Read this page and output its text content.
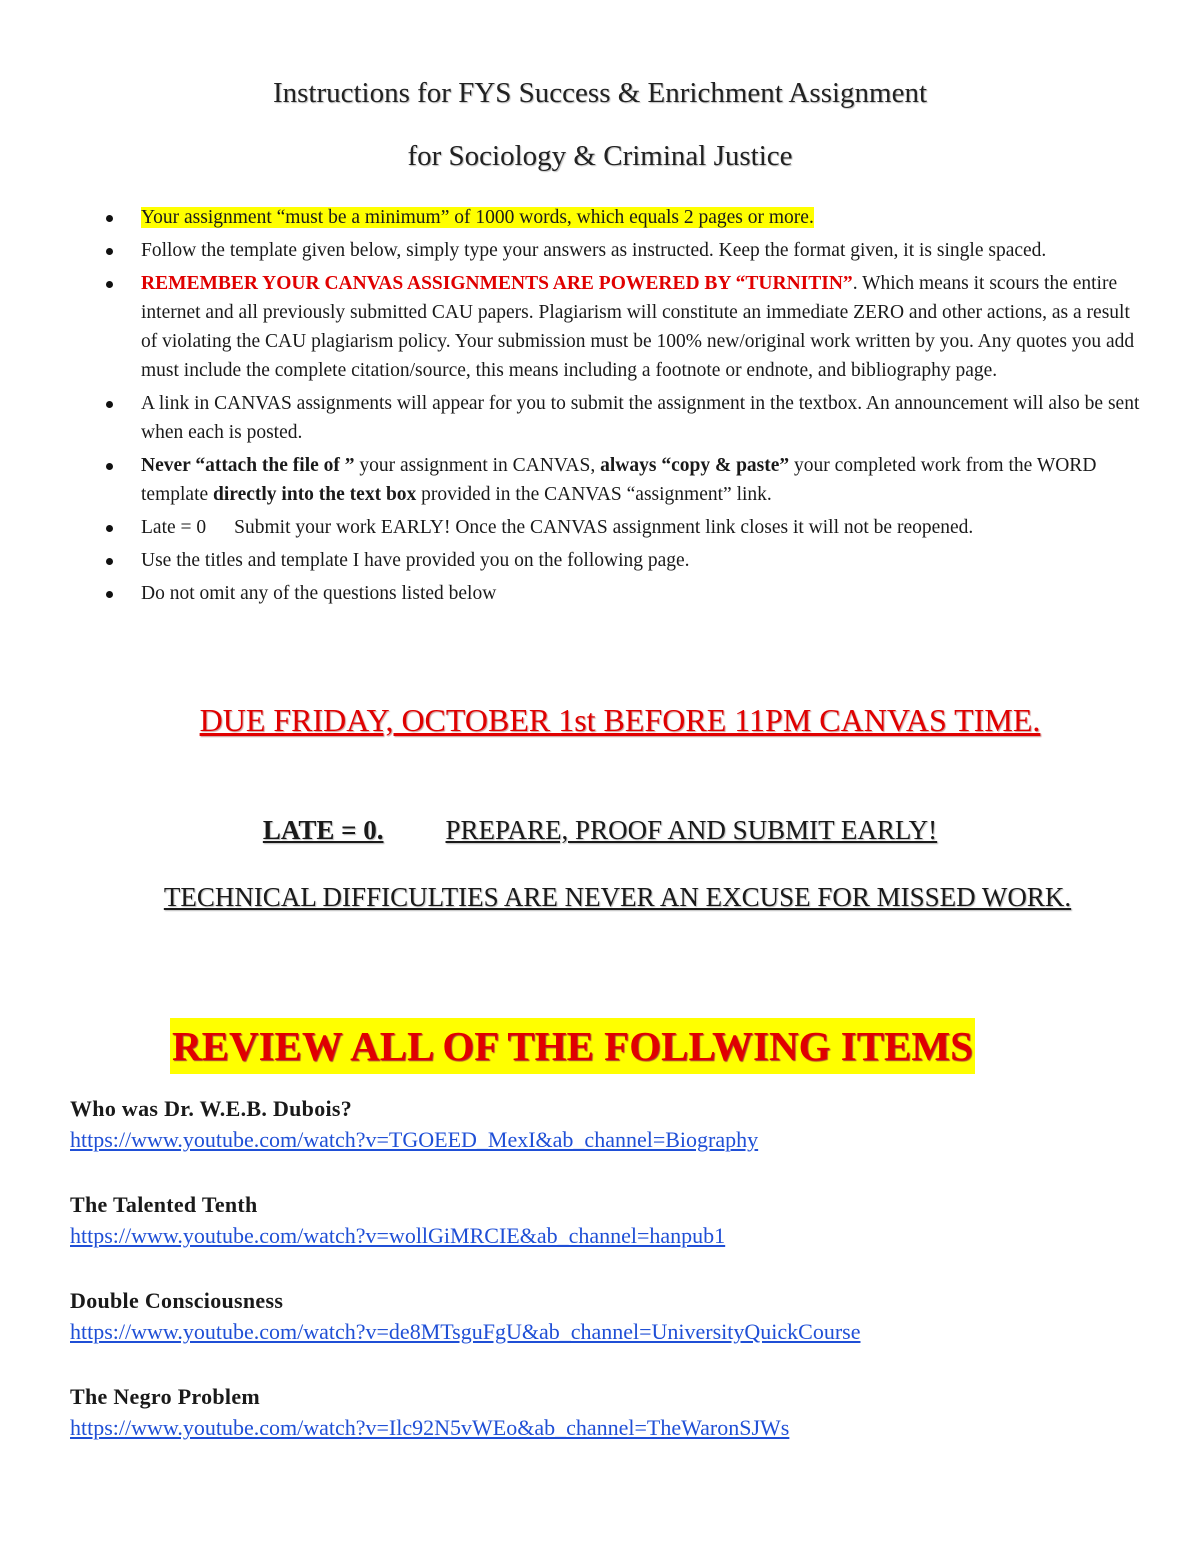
Instructions for FYS Success & Enrichment Assignment
for Sociology & Criminal Justice
Your assignment “must be a minimum” of 1000 words, which equals 2 pages or more.
Follow the template given below, simply type your answers as instructed. Keep the format given, it is single spaced.
REMEMBER YOUR CANVAS ASSIGNMENTS ARE POWERED BY “TURNITIN”. Which means it scours the entire internet and all previously submitted CAU papers. Plagiarism will constitute an immediate ZERO and other actions, as a result of violating the CAU plagiarism policy. Your submission must be 100% new/original work written by you. Any quotes you add must include the complete citation/source, this means including a footnote or endnote, and bibliography page.
A link in CANVAS assignments will appear for you to submit the assignment in the textbox. An announcement will also be sent when each is posted.
Never “attach the file of ” your assignment in CANVAS, always “copy & paste” your completed work from the WORD template directly into the text box provided in the CANVAS “assignment” link.
Late = 0 Submit your work EARLY! Once the CANVAS assignment link closes it will not be reopened.
Use the titles and template I have provided you on the following page.
Do not omit any of the questions listed below
DUE FRIDAY, OCTOBER 1st BEFORE 11PM CANVAS TIME.
LATE = 0. PREPARE, PROOF AND SUBMIT EARLY!
TECHNICAL DIFFICULTIES ARE NEVER AN EXCUSE FOR MISSED WORK.
REVIEW ALL OF THE FOLLWING ITEMS
Who was Dr. W.E.B. Dubois?
https://www.youtube.com/watch?v=TGOEED_MexI&ab_channel=Biography
The Talented Tenth
https://www.youtube.com/watch?v=wollGiMRCIE&ab_channel=hanpub1
Double Consciousness
https://www.youtube.com/watch?v=de8MTsguFgU&ab_channel=UniversityQuickCourse
The Negro Problem
https://www.youtube.com/watch?v=Ilc92N5vWEo&ab_channel=TheWaronSJWs
